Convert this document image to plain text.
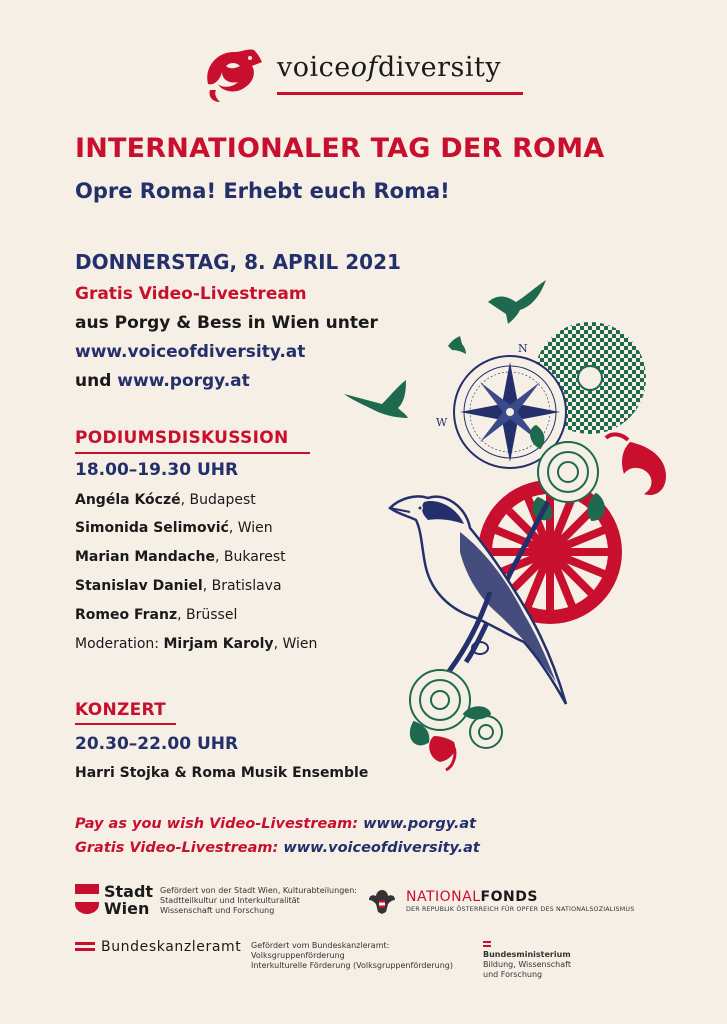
voiceofdiversity
INTERNATIONALER TAG DER ROMA
Opre Roma! Erhebt euch Roma!
DONNERSTAG, 8. APRIL 2021
Gratis Video-Livestream
aus Porgy & Bess in Wien unter
www.voiceofdiversity.at
und www.porgy.at
PODIUMSDISKUSSION
18.00–19.30 UHR
Angéla Kóczé, Budapest
Simonida Selimović, Wien
Marian Mandache, Bukarest
Stanislav Daniel, Bratislava
Romeo Franz, Brüssel
Moderation: Mirjam Karoly, Wien
KONZERT
20.30–22.00 UHR
Harri Stojka & Roma Musik Ensemble
Pay as you wish Video-Livestream: www.porgy.at
Gratis Video-Livestream: www.voiceofdiversity.at
N
W
Stadt
Wien
Gefördert von der Stadt Wien, Kulturabteilungen:
Stadtteilkultur und Interkulturalität
Wissenschaft und Forschung
NATIONALFONDS
DER REPUBLIK ÖSTERREICH FÜR OPFER DES NATIONALSOZIALISMUS
Bundeskanzleramt Gefördert vom Bundeskanzleramt:
Volksgruppenförderung
Interkulturelle Förderung (Volksgruppenförderung)
Bundesministerium
Bildung, Wissenschaft
und Forschung
